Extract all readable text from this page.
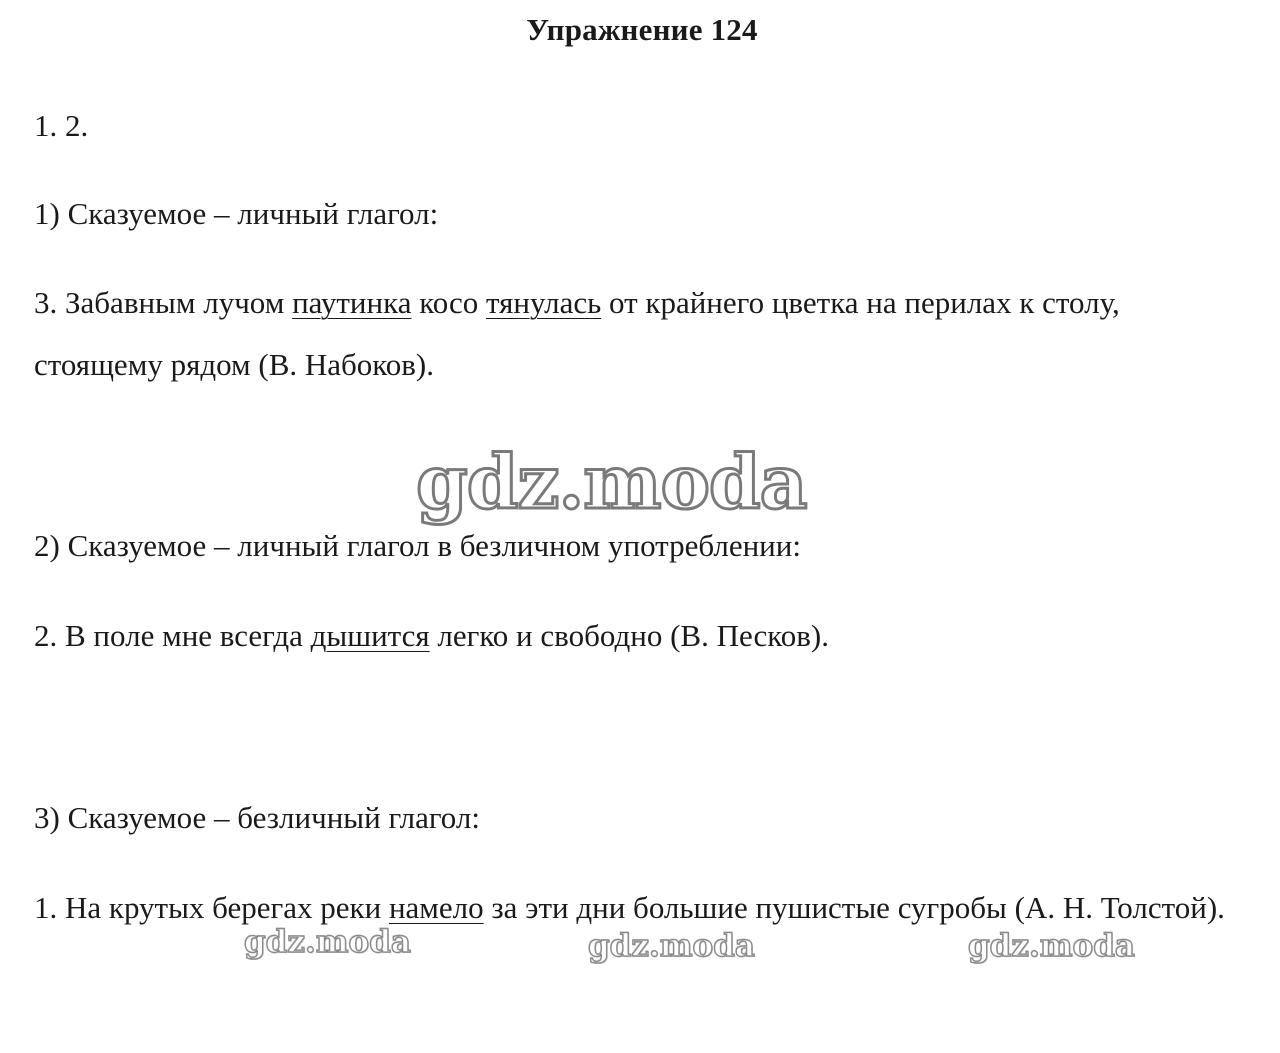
Упражнение 124
1. 2.
1) Сказуемое – личный глагол:
3. Забавным лучом паутинка косо тянулась от крайнего цветка на перилах к столу, стоящему рядом (В. Набоков).
gdz.moda
2) Сказуемое – личный глагол в безличном употреблении:
2. В поле мне всегда дышится легко и свободно (В. Песков).
3) Сказуемое – безличный глагол:
1. На крутых берегах реки намело за эти дни большие пушистые сугробы (А. Н. Толстой).
gdz.moda	gdz.moda	gdz.moda
